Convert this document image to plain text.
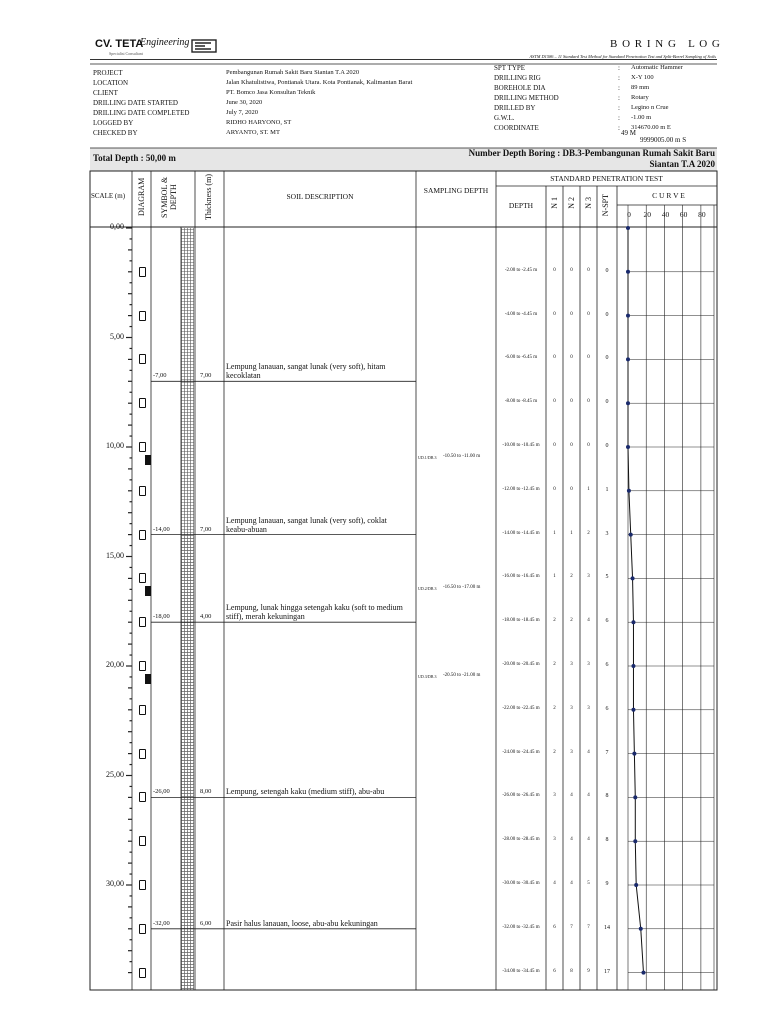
CV. TETA
Engineering
Specialist Consultant
B O R I N G   L O G
ASTM D1586 – 11 Standard Test Method for Standard Penetration Test and Split-Barrel Sampling of Soils
PROJECT	Pembangunan Rumah Sakit Baru Siantan T.A 2020
LOCATION	Jalan Khatulistiwa, Pontianak Utara. Kota Pontianak, Kalimantan Barat
CLIENT	PT. Bomco Jasa Konsultan Teknik
DRILLING DATE STARTED	June 30, 2020
DRILLING DATE COMPLETED	July 7, 2020
LOGGED BY	RIDHO HARYONO, ST
CHECKED BY	ARYANTO, ST. MT
SPT TYPE	: Automatic Hammer
DRILLING RIG	: X-Y 100
BOREHOLE DIA	: 89 mm
DRILLING METHOD	: Rotary
DRILLED BY	: Legino n Crue
G.W.L.	: -1.00 m
COORDINATE	: 314670.00 m E
49 M
9999005.00 m S
Total Depth : 50,00 m	Number Depth Boring : DB.3-Pembangunan Rumah Sakit Baru
Siantan T.A 2020
SCALE (m) DIAGRAM SYMBOL & DEPTH	Thickness (m)	SOIL DESCRIPTION
SAMPLING DEPTH
STANDARD PENETRATION TEST
DEPTH	N 1 N 2 N 3 N-SPT	C U R V E
0	20	40	60	80
0,00
5,00
10,00
15,00
20,00
25,00
30,00
-7,00	7,00
Lempung lanauan, sangat lunak (very soft), hitam kecoklatan
-14,00	7,00
Lempung lanauan, sangat lunak (very soft), coklat keabu-abuan
-18,00	4,00
Lempung, lunak hingga setengah kaku (soft to medium stiff), merah kekuningan
-26,00	8,00 Lempung, setengah kaku (medium stiff), abu-abu
-32,00	6,00 Pasir halus lanauan, loose, abu-abu kekuningan
UD.1/DB.3 -10.50 to -11.00 m
UD.2/DB.3 -16.50 to -17.00 m
UD.3/DB.3 -20.50 to -21.00 m
-2.00 to -2.45 m	0	0	0	0
-4.00 to -4.45 m	0	0	0	0
-6.00 to -6.45 m	0	0	0	0
-8.00 to -8.45 m	0	0	0	0
-10.00 to -10.45 m	0	0	0	0
-12.00 to -12.45 m	0	0	1	1
-14.00 to -14.45 m	1	1	2	3
-16.00 to -16.45 m	1	2	3	5
-18.00 to -18.45 m	2	2	4	6
-20.00 to -20.45 m	2	3	3	6
-22.00 to -22.45 m	2	3	3	6
-24.00 to -24.45 m	2	3	4	7
-26.00 to -26.45 m	3	4	4	8
-28.00 to -28.45 m	3	4	4	8
-30.00 to -30.45 m	4	4	5	9
-32.00 to -32.45 m	6	7	7	14
-34.00 to -34.45 m	6	8	9	17
